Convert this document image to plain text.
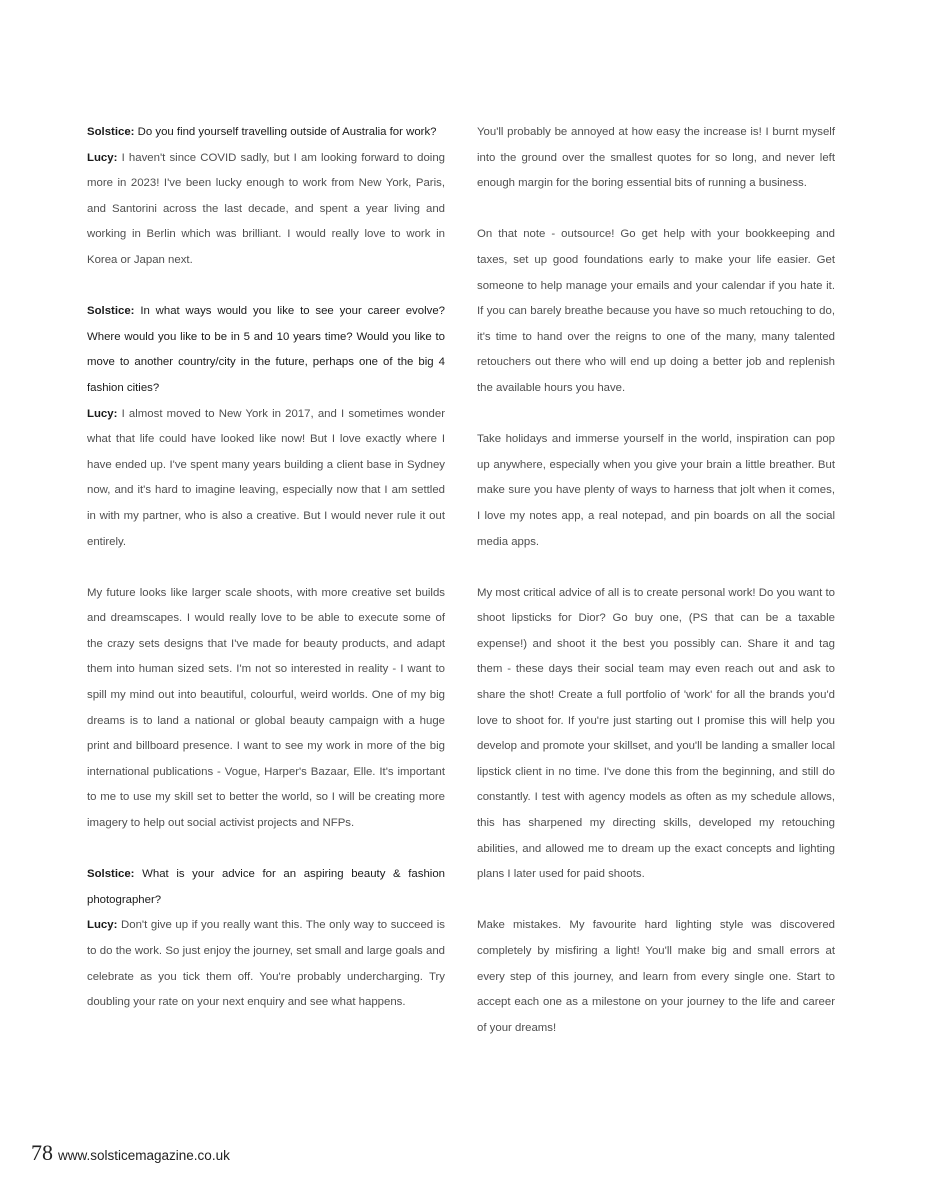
Solstice: Do you find yourself travelling outside of Australia for work?

Lucy: I haven't since COVID sadly, but I am looking forward to doing more in 2023! I've been lucky enough to work from New York, Paris, and Santorini across the last decade, and spent a year living and working in Berlin which was brilliant. I would really love to work in Korea or Japan next.

Solstice: In what ways would you like to see your career evolve? Where would you like to be in 5 and 10 years time? Would you like to move to another country/city in the future, perhaps one of the big 4 fashion cities?

Lucy: I almost moved to New York in 2017, and I sometimes wonder what that life could have looked like now! But I love exactly where I have ended up. I've spent many years building a client base in Sydney now, and it's hard to imagine leaving, especially now that I am settled in with my partner, who is also a creative. But I would never rule it out entirely.

My future looks like larger scale shoots, with more creative set builds and dreamscapes. I would really love to be able to execute some of the crazy sets designs that I've made for beauty products, and adapt them into human sized sets. I'm not so interested in reality - I want to spill my mind out into beautiful, colourful, weird worlds. One of my big dreams is to land a national or global beauty campaign with a huge print and billboard presence. I want to see my work in more of the big international publications - Vogue, Harper's Bazaar, Elle. It's important to me to use my skill set to better the world, so I will be creating more imagery to help out social activist projects and NFPs.

Solstice: What is your advice for an aspiring beauty & fashion photographer?

Lucy: Don't give up if you really want this. The only way to succeed is to do the work. So just enjoy the journey, set small and large goals and celebrate as you tick them off. You're probably undercharging. Try doubling your rate on your next enquiry and see what happens.

You'll probably be annoyed at how easy the increase is! I burnt myself into the ground over the smallest quotes for so long, and never left enough margin for the boring essential bits of running a business.

On that note - outsource! Go get help with your bookkeeping and taxes, set up good foundations early to make your life easier. Get someone to help manage your emails and your calendar if you hate it. If you can barely breathe because you have so much retouching to do, it's time to hand over the reigns to one of the many, many talented retouchers out there who will end up doing a better job and replenish the available hours you have.

Take holidays and immerse yourself in the world, inspiration can pop up anywhere, especially when you give your brain a little breather. But make sure you have plenty of ways to harness that jolt when it comes, I love my notes app, a real notepad, and pin boards on all the social media apps.

My most critical advice of all is to create personal work! Do you want to shoot lipsticks for Dior? Go buy one, (PS that can be a taxable expense!) and shoot it the best you possibly can. Share it and tag them - these days their social team may even reach out and ask to share the shot! Create a full portfolio of 'work' for all the brands you'd love to shoot for. If you're just starting out I promise this will help you develop and promote your skillset, and you'll be landing a smaller local lipstick client in no time. I've done this from the beginning, and still do constantly. I test with agency models as often as my schedule allows, this has sharpened my directing skills, developed my retouching abilities, and allowed me to dream up the exact concepts and lighting plans I later used for paid shoots.

Make mistakes. My favourite hard lighting style was discovered completely by misfiring a light! You'll make big and small errors at every step of this journey, and learn from every single one. Start to accept each one as a milestone on your journey to the life and career of your dreams!

78 www.solsticemagazine.co.uk
